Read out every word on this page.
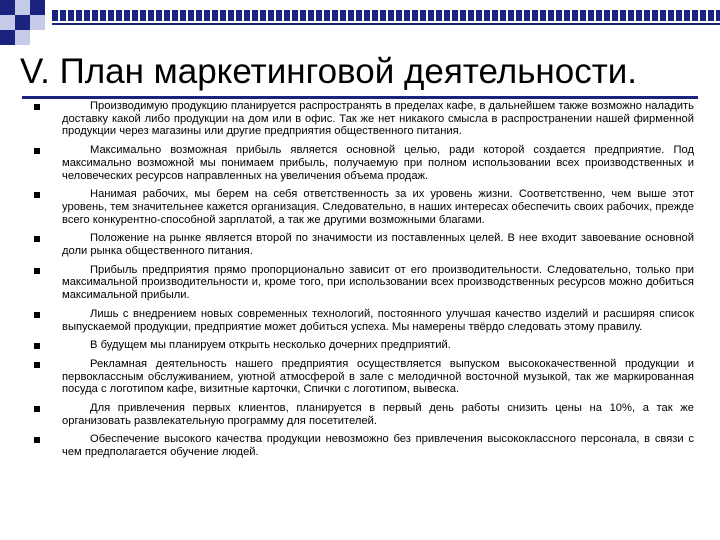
V. План маркетинговой деятельности.
Производимую продукцию планируется распространять в пределах кафе, в дальнейшем также возможно наладить доставку какой либо продукции на дом или в офис. Так же нет никакого смысла в распространении нашей фирменной продукции через магазины или другие предприятия общественного питания.
Максимально возможная прибыль является основной целью, ради которой создается предприятие. Под максимально возможной мы понимаем прибыль, получаемую при полном использовании всех производственных и человеческих ресурсов направленных на увеличения объема продаж.
Нанимая рабочих, мы берем на себя ответственность за их уровень жизни. Соответственно, чем выше этот уровень, тем значительнее кажется организация. Следовательно, в наших интересах обеспечить своих рабочих, прежде всего конкурентно-способной зарплатой, а так же другими возможными благами.
Положение на рынке является второй по значимости из поставленных целей. В нее входит завоевание основной доли рынка общественного питания.
Прибыль предприятия прямо пропорционально зависит от его производительности. Следовательно, только при максимальной производительности и, кроме того, при использовании всех производственных ресурсов можно добиться максимальной прибыли.
Лишь с внедрением новых современных технологий, постоянного улучшая качество изделий и расширяя список выпускаемой продукции, предприятие может добиться успеха. Мы намерены твёрдо следовать этому правилу.
В будущем мы планируем открыть несколько дочерних предприятий.
Рекламная деятельность нашего предприятия осуществляется выпуском высококачественной продукции и первоклассным обслуживанием, уютной атмосферой в зале с мелодичной восточной музыкой, так же маркированная посуда с логотипом кафе, визитные карточки, Спички с логотипом, вывеска.
Для привлечения первых клиентов, планируется в первый день работы снизить цены на 10%, а так же организовать развлекательную программу для посетителей.
Обеспечение высокого качества продукции невозможно без привлечения высококлассного персонала, в связи с чем предполагается обучение людей.
